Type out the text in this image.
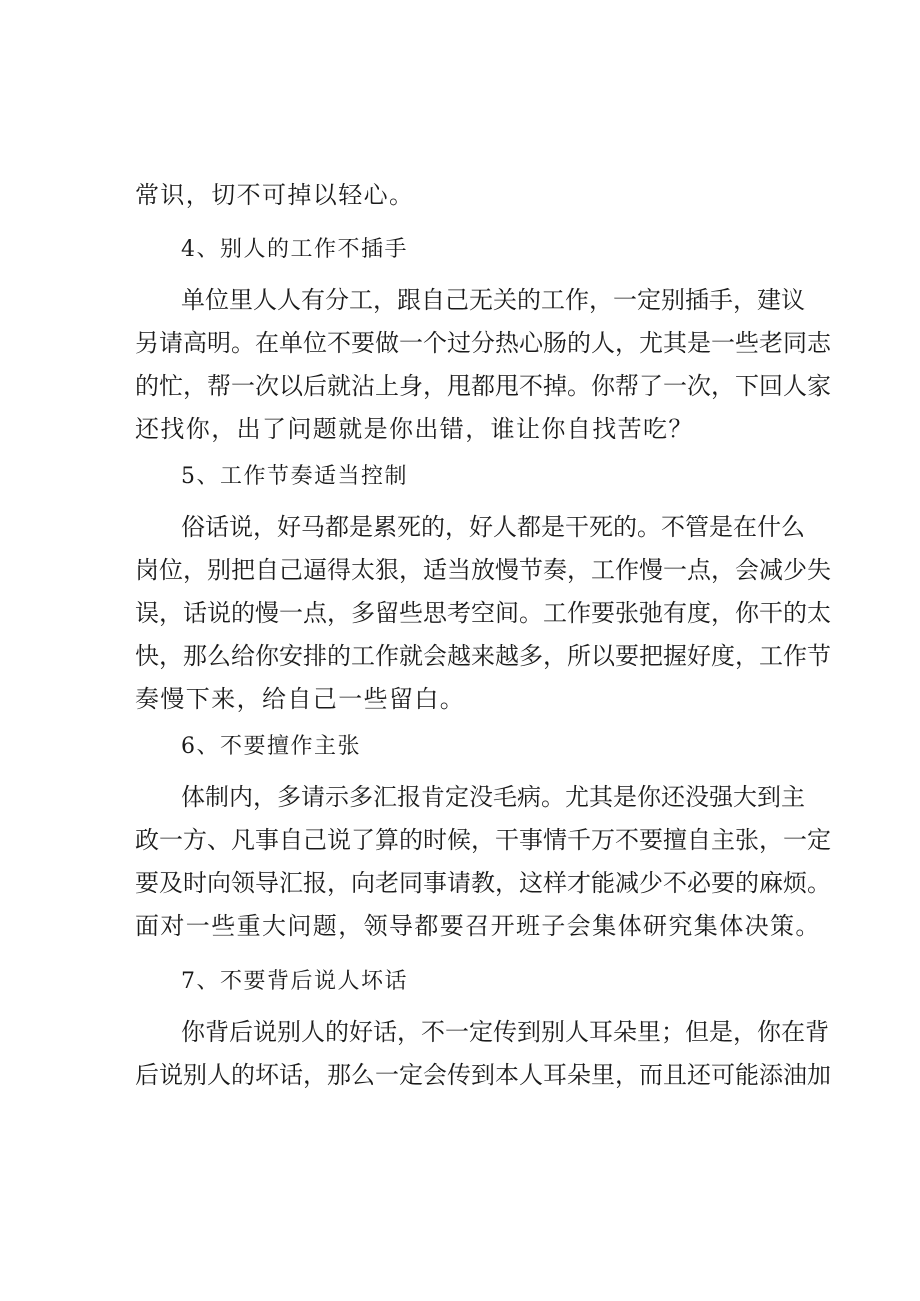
常识，切不可掉以轻心。
4、别人的工作不插手
单位里人人有分工，跟自己无关的工作，一定别插手，建议
另请高明。在单位不要做一个过分热心肠的人，尤其是一些老同志
的忙，帮一次以后就沾上身，甩都甩不掉。你帮了一次，下回人家
还找你，出了问题就是你出错，谁让你自找苦吃？
5、工作节奏适当控制
俗话说，好马都是累死的，好人都是干死的。不管是在什么
岗位，别把自己逼得太狠，适当放慢节奏，工作慢一点，会减少失
误，话说的慢一点，多留些思考空间。工作要张弛有度，你干的太
快，那么给你安排的工作就会越来越多，所以要把握好度，工作节
奏慢下来，给自己一些留白。
6、不要擅作主张
体制内，多请示多汇报肯定没毛病。尤其是你还没强大到主
政一方、凡事自己说了算的时候，干事情千万不要擅自主张，一定
要及时向领导汇报，向老同事请教，这样才能减少不必要的麻烦。
面对一些重大问题，领导都要召开班子会集体研究集体决策。
7、不要背后说人坏话
你背后说别人的好话，不一定传到别人耳朵里；但是，你在背
后说别人的坏话，那么一定会传到本人耳朵里，而且还可能添油加
